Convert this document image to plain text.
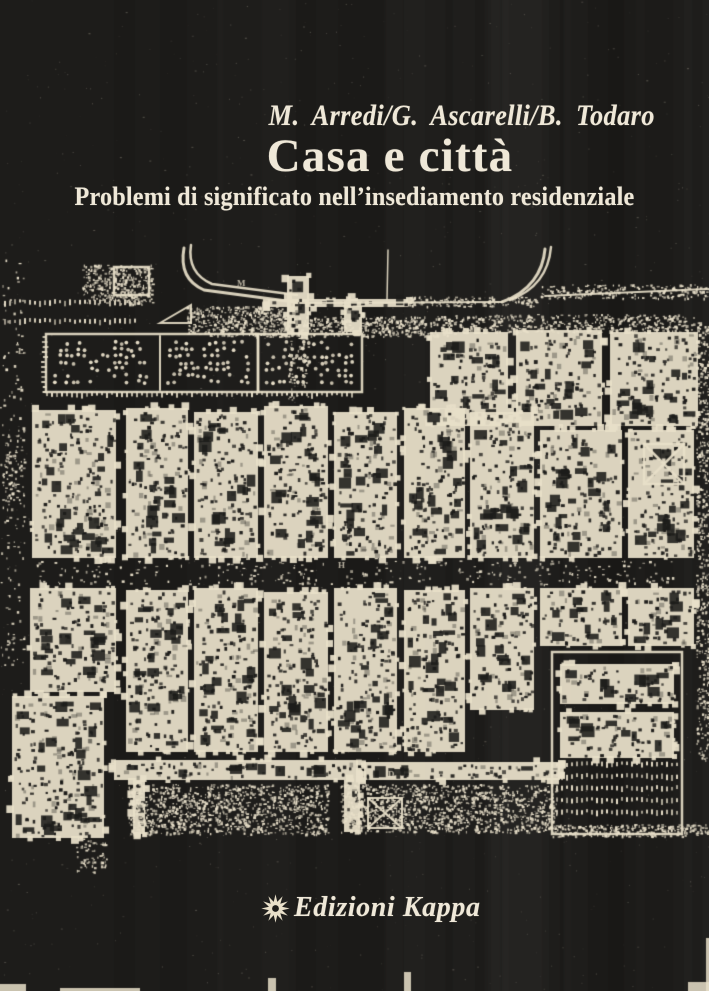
M. Arredi/G. Ascarelli/B. Todaro
Casa e città
Problemi di significato nell’insediamento residenziale
Edizioni Kappa
